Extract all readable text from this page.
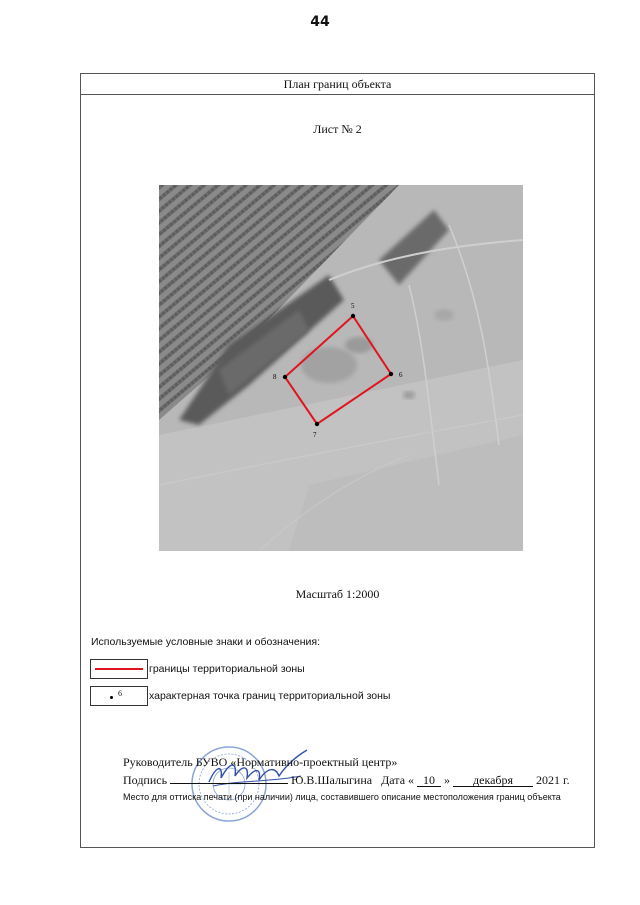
44
План границ объекта
Лист № 2
5
6
7
8
Масштаб 1:2000
Используемые условные знаки и обозначения:
границы территориальной зоны
6	характерная точка границ территориальной зоны
Руководитель БУВО «Нормативно-проектный центр»
Подпись	Ю.В.Шалыгина Дата « 10 » декабря 2021 г.
Место для оттиска печати (при наличии) лица, составившего описание местоположения границ объекта
